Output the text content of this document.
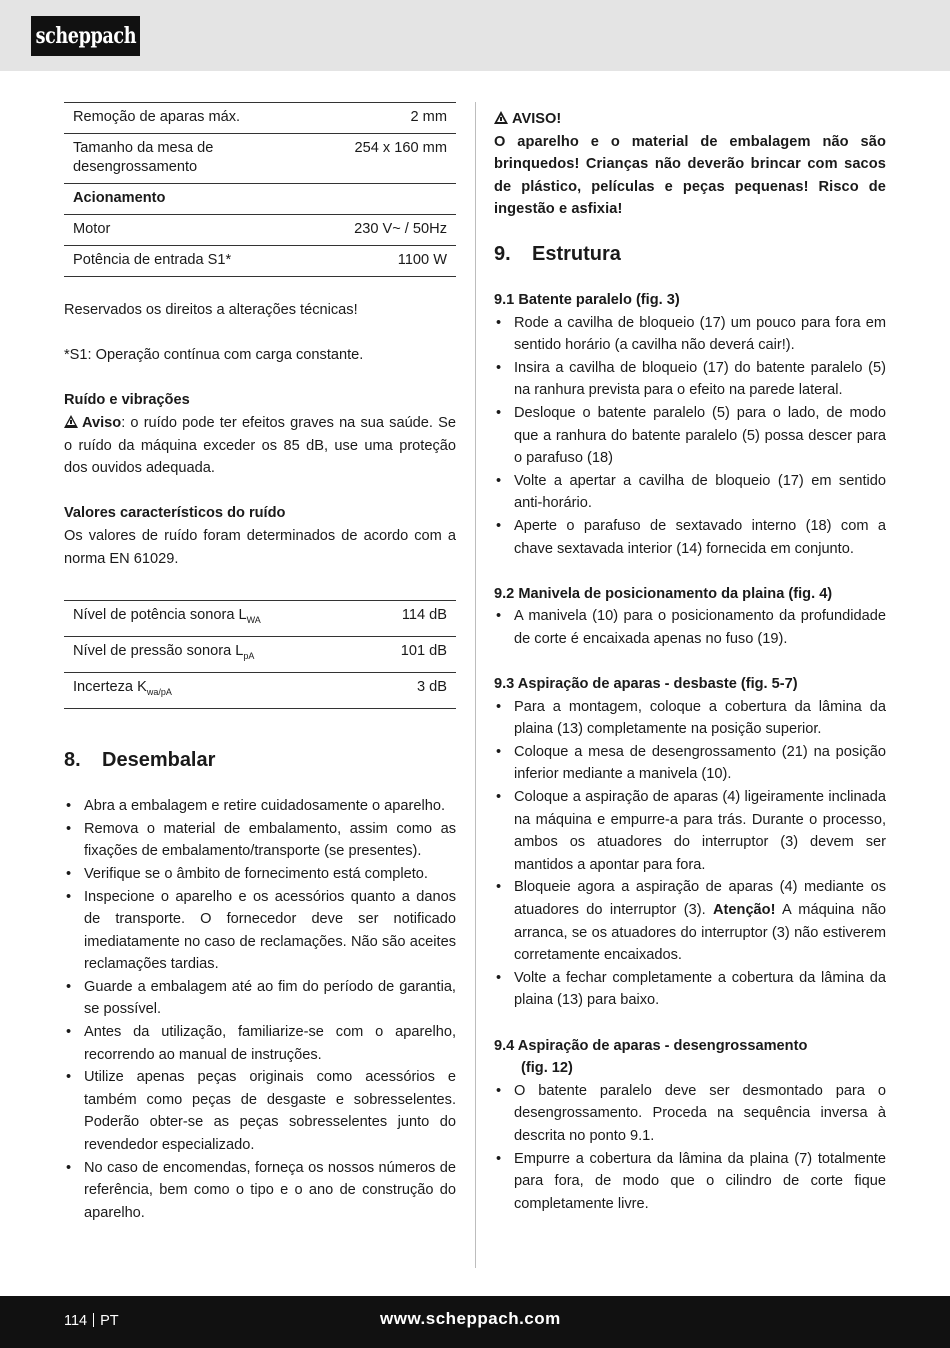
scheppach
Remoção de aparas máx.	2 mm
Tamanho da mesa de desengrossamento	254 x 160 mm
Acionamento	
Motor	230 V~ / 50Hz
Potência de entrada S1*	1100 W

Reservados os direitos a alterações técnicas!

*S1: Operação contínua com carga constante.

Ruído e vibrações

Aviso: o ruído pode ter efeitos graves na sua saúde. Se o ruído da máquina exceder os 85 dB, use uma proteção dos ouvidos adequada.

Valores característicos do ruído

Os valores de ruído foram determinados de acordo com a norma EN 61029.

Nível de potência sonora $L_{WA}$	114 dB
Nível de pressão sonora $L_{pA}$	101 dB
Incerteza $K_{wa/pA}$	3 dB
8.	Desembalar
• Abra a embalagem e retire cuidadosamente o aparelho.
• Remova o material de embalamento, assim como as fixações de embalamento/transporte (se presentes).
• Verifique se o âmbito de fornecimento está completo.
• Inspecione o aparelho e os acessórios quanto a danos de transporte. O fornecedor deve ser notificado imediatamente no caso de reclamações. Não são aceites reclamações tardias.
• Guarde a embalagem até ao fim do período de garantia, se possível.
• Antes da utilização, familiarize-se com o aparelho, recorrendo ao manual de instruções.
• Utilize apenas peças originais como acessórios e também como peças de desgaste e sobresselentes. Poderão obter-se as peças sobresselentes junto do revendedor especializado.
• No caso de encomendas, forneça os nossos números de referência, bem como o tipo e o ano de construção do aparelho.

AVISO!

O aparelho e o material de embalagem não são brinquedos! Crianças não deverão brincar com sacos de plástico, películas e peças pequenas! Risco de ingestão e asfixia!

9.	Estrutura

9.1 Batente paralelo (fig. 3)

• Rode a cavilha de bloqueio (17) um pouco para fora em sentido horário (a cavilha não deverá cair!).
• Insira a cavilha de bloqueio (17) do batente paralelo (5) na ranhura prevista para o efeito na parede lateral.
• Desloque o batente paralelo (5) para o lado, de modo que a ranhura do batente paralelo (5) possa descer para o parafuso (18)
• Volte a apertar a cavilha de bloqueio (17) em sentido anti-horário.
• Aperte o parafuso de sextavado interno (18) com a chave sextavada interior (14) fornecida em conjunto.

9.2 Manivela de posicionamento da plaina (fig. 4)

• A manivela (10) para o posicionamento da profundidade de corte é encaixada apenas no fuso (19).

9.3 Aspiração de aparas - desbaste (fig. 5-7)

• Para a montagem, coloque a cobertura da lâmina da plaina (13) completamente na posição superior.
• Coloque a mesa de desengrossamento (21) na posição inferior mediante a manivela (10).
• Coloque a aspiração de aparas (4) ligeiramente inclinada na máquina e empurre-a para trás. Durante o processo, ambos os atuadores do interruptor (3) devem ser mantidos a apontar para fora.
• Bloqueie agora a aspiração de aparas (4) mediante os atuadores do interruptor (3). Atenção! A máquina não arranca, se os atuadores do interruptor (3) não estiverem corretamente encaixados.
• Volte a fechar completamente a cobertura da lâmina da plaina (13) para baixo.

9.4 Aspiração de aparas - desengrossamento

(fig. 12)

• O batente paralelo deve ser desmontado para o desengrossamento. Proceda na sequência inversa à descrita no ponto 9.1.
• Empurre a cobertura da lâmina da plaina (7) totalmente para fora, de modo que o cilindro de corte fique completamente livre.
114 PT	www.scheppach.com
